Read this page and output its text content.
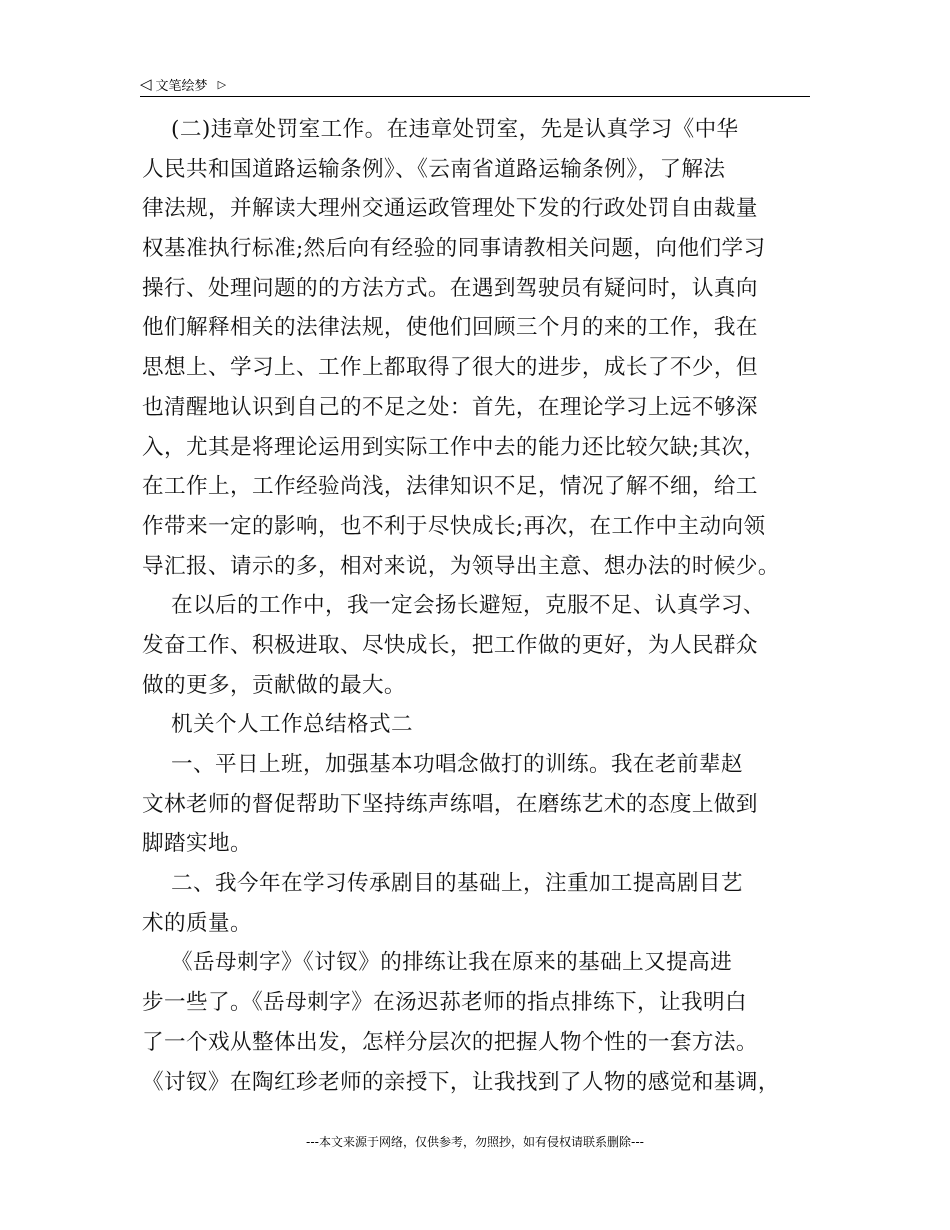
◁ 文笔绘梦 ▷
(二)违章处罚室工作。在违章处罚室，先是认真学习《中华
人民共和国道路运输条例》、《云南省道路运输条例》，了解法
律法规，并解读大理州交通运政管理处下发的行政处罚自由裁量
权基准执行标准;然后向有经验的同事请教相关问题，向他们学习
操行、处理问题的的方法方式。在遇到驾驶员有疑问时，认真向
他们解释相关的法律法规，使他们回顾三个月的来的工作，我在
思想上、学习上、工作上都取得了很大的进步，成长了不少，但
也清醒地认识到自己的不足之处：首先，在理论学习上远不够深
入，尤其是将理论运用到实际工作中去的能力还比较欠缺;其次，
在工作上，工作经验尚浅，法律知识不足，情况了解不细，给工
作带来一定的影响，也不利于尽快成长;再次，在工作中主动向领
导汇报、请示的多，相对来说，为领导出主意、想办法的时候少。
在以后的工作中，我一定会扬长避短，克服不足、认真学习、
发奋工作、积极进取、尽快成长，把工作做的更好，为人民群众
做的更多，贡献做的最大。
机关个人工作总结格式二
一、平日上班，加强基本功唱念做打的训练。我在老前辈赵
文林老师的督促帮助下坚持练声练唱，在磨练艺术的态度上做到
脚踏实地。
二、我今年在学习传承剧目的基础上，注重加工提高剧目艺
术的质量。
《岳母刺字》《讨钗》的排练让我在原来的基础上又提高进
步一些了。《岳母刺字》在汤迟荪老师的指点排练下，让我明白
了一个戏从整体出发，怎样分层次的把握人物个性的一套方法。
《讨钗》在陶红珍老师的亲授下，让我找到了人物的感觉和基调，
---本文来源于网络，仅供参考，勿照抄，如有侵权请联系删除---
